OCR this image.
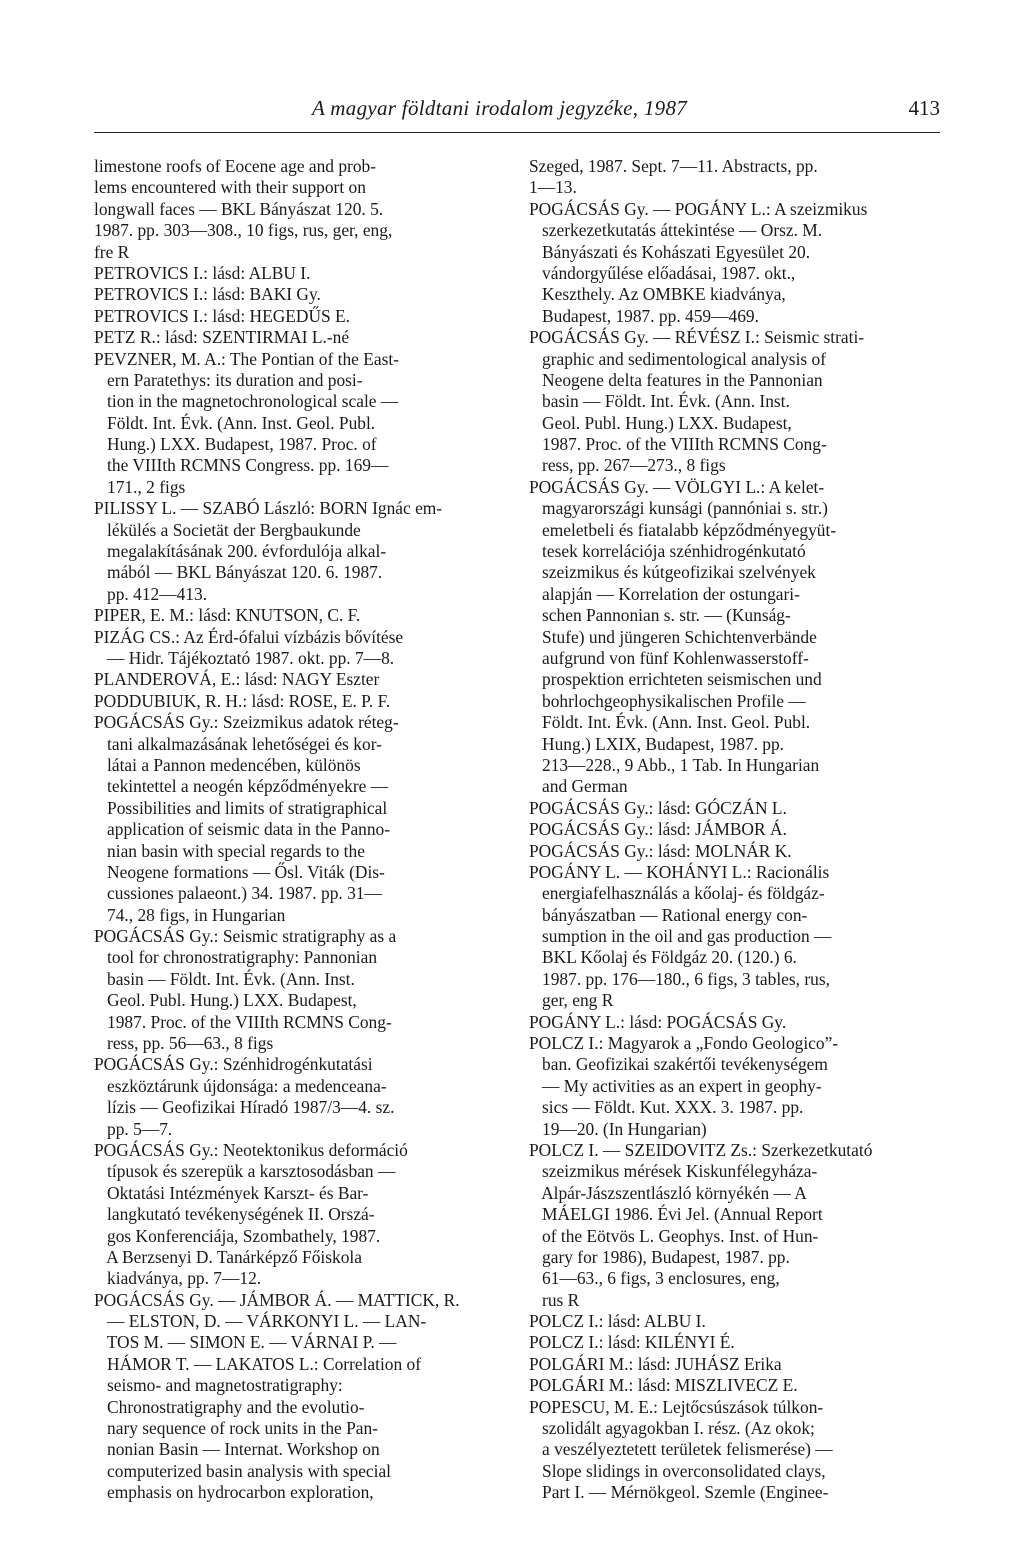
A magyar földtani irodalom jegyzéke, 1987	413
limestone roofs of Eocene age and prob-
lems encountered with their support on
longwall faces — BKL Bányászat 120. 5.
1987. pp. 303—308., 10 figs, rus, ger, eng,
fre R
PETROVICS I.: lásd: ALBU I.
PETROVICS I.: lásd: BAKI Gy.
PETROVICS I.: lásd: HEGEDŰS E.
PETZ R.: lásd: SZENTIRMAI L.-né
PEVZNER, M. A.: The Pontian of the East-
ern Paratethys: its duration and posi-
tion in the magnetochronological scale —
Földt. Int. Évk. (Ann. Inst. Geol. Publ.
Hung.) LXX. Budapest, 1987. Proc. of
the VIIIth RCMNS Congress. pp. 169—
171., 2 figs
PILISSY L. — SZABÓ László: BORN Ignác em-
lékülés a Societät der Bergbaukunde
megalakításának 200. évfordulója alkal-
mából — BKL Bányászat 120. 6. 1987.
pp. 412—413.
PIPER, E. M.: lásd: KNUTSON, C. F.
PIZÁG CS.: Az Érd-ófalui vízbázis bővítése
— Hidr. Tájékoztató 1987. okt. pp. 7—8.
PLANDEROVÁ, E.: lásd: NAGY Eszter
PODDUBIUK, R. H.: lásd: ROSE, E. P. F.
POGÁCSÁS Gy.: Szeizmikus adatok réteg-
tani alkalmazásának lehetőségei és kor-
látai a Pannon medencében, különös
tekintettel a neogén képződményekre —
Possibilities and limits of stratigraphical
application of seismic data in the Panno-
nian basin with special regards to the
Neogene formations — Ősl. Viták (Dis-
cussiones palaeont.) 34. 1987. pp. 31—
74., 28 figs, in Hungarian
POGÁCSÁS Gy.: Seismic stratigraphy as a
tool for chronostratigraphy: Pannonian
basin — Földt. Int. Évk. (Ann. Inst.
Geol. Publ. Hung.) LXX. Budapest,
1987. Proc. of the VIIIth RCMNS Cong-
ress, pp. 56—63., 8 figs
POGÁCSÁS Gy.: Szénhidrogénkutatási
eszköztárunk újdonsága: a medenceana-
lízis — Geofizikai Híradó 1987/3—4. sz.
pp. 5—7.
POGÁCSÁS Gy.: Neotektonikus deformáció
típusok és szerepük a karsztosodásban —
Oktatási Intézmények Karszt- és Bar-
langkutató tevékenységének II. Orszá-
gos Konferenciája, Szombathely, 1987.
A Berzsenyi D. Tanárképző Főiskola
kiadványa, pp. 7—12.
POGÁCSÁS Gy. — JÁMBOR Á. — MATTICK, R.
— ELSTON, D. — VÁRKONYI L. — LAN-
TOS M. — SIMON E. — VÁRNAI P. —
HÁMOR T. — LAKATOS L.: Correlation of
seismo- and magnetostratigraphy:
Chronostratigraphy and the evolutio-
nary sequence of rock units in the Pan-
nonian Basin — Internat. Workshop on
computerized basin analysis with special
emphasis on hydrocarbon exploration,
Szeged, 1987. Sept. 7—11. Abstracts, pp.
1—13.
POGÁCSÁS Gy. — POGÁNY L.: A szeizmikus
szerkezetkutatás áttekintése — Orsz. M.
Bányászati és Kohászati Egyesület 20.
vándorgyűlése előadásai, 1987. okt.,
Keszthely. Az OMBKE kiadványa,
Budapest, 1987. pp. 459—469.
POGÁCSÁS Gy. — RÉVÉSZ I.: Seismic strati-
graphic and sedimentological analysis of
Neogene delta features in the Pannonian
basin — Földt. Int. Évk. (Ann. Inst.
Geol. Publ. Hung.) LXX. Budapest,
1987. Proc. of the VIIIth RCMNS Cong-
ress, pp. 267—273., 8 figs
POGÁCSÁS Gy. — VÖLGYI L.: A kelet-
magyarországi kunsági (pannóniai s. str.)
emeletbeli és fiatalabb képződményegyüt-
tesek korrelációja szénhidrogénkutató
szeizmikus és kútgeofizikai szelvények
alapján — Korrelation der ostungari-
schen Pannonian s. str. — (Kunság-
Stufe) und jüngeren Schichtenverbände
aufgrund von fünf Kohlenwasserstoff-
prospektion errichteten seismischen und
bohrlochgeophysikalischen Profile —
Földt. Int. Évk. (Ann. Inst. Geol. Publ.
Hung.) LXIX, Budapest, 1987. pp.
213—228., 9 Abb., 1 Tab. In Hungarian
and German
POGÁCSÁS Gy.: lásd: GÓCZÁN L.
POGÁCSÁS Gy.: lásd: JÁMBOR Á.
POGÁCSÁS Gy.: lásd: MOLNÁR K.
POGÁNY L. — KOHÁNYI L.: Racionális
energiafelhasználás a kőolaj- és földgáz-
bányászatban — Rational energy con-
sumption in the oil and gas production —
BKL Kőolaj és Földgáz 20. (120.) 6.
1987. pp. 176—180., 6 figs, 3 tables, rus,
ger, eng R
POGÁNY L.: lásd: POGÁCSÁS Gy.
POLCZ I.: Magyarok a „Fondo Geologico”-
ban. Geofizikai szakértői tevékenységem
— My activities as an expert in geophy-
sics — Földt. Kut. XXX. 3. 1987. pp.
19—20. (In Hungarian)
POLCZ I. — SZEIDOVITZ Zs.: Szerkezetkutató
szeizmikus mérések Kiskunfélegyháza-
Alpár-Jászszentlászló környékén — A
MÁELGI 1986. Évi Jel. (Annual Report
of the Eötvös L. Geophys. Inst. of Hun-
gary for 1986), Budapest, 1987. pp.
61—63., 6 figs, 3 enclosures, eng,
rus R
POLCZ I.: lásd: ALBU I.
POLCZ I.: lásd: KILÉNYI É.
POLGÁRI M.: lásd: JUHÁSZ Erika
POLGÁRI M.: lásd: MISZLIVECZ E.
POPESCU, M. E.: Lejtőcsúszások túlkon-
szolidált agyagokban I. rész. (Az okok;
a veszélyeztetett területek felismerése) —
Slope slidings in overconsolidated clays,
Part I. — Mérnökgeol. Szemle (Enginee-
